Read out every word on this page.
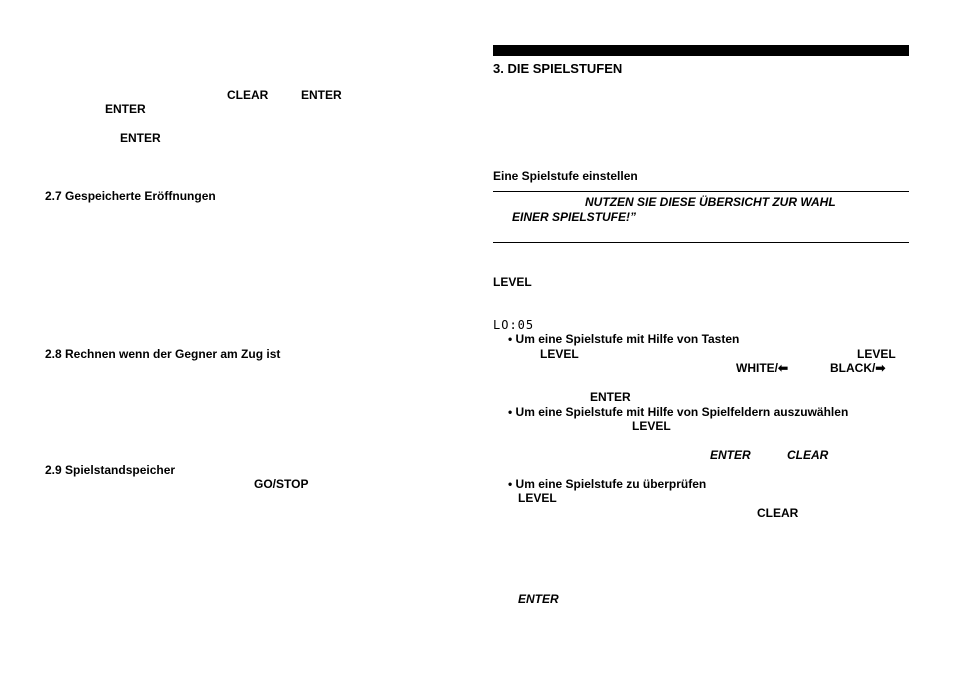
CLEAR	ENTER
ENTER
ENTER
2.7 Gespeicherte Eröffnungen
2.8 Rechnen wenn der Gegner am Zug ist
2.9 Spielstandspeicher
GO/STOP
3. DIE SPIELSTUFEN
Eine Spielstufe einstellen
NUTZEN SIE DIESE ÜBERSICHT ZUR WAHL
EINER SPIELSTUFE!”
LEVEL
LO:05
• Um eine Spielstufe mit Hilfe von Tasten
LEVEL	LEVEL
WHITE/⬅	BLACK/➡
ENTER
• Um eine Spielstufe mit Hilfe von Spielfeldern auszuwählen
LEVEL
ENTER	CLEAR
• Um eine Spielstufe zu überprüfen
LEVEL
CLEAR
ENTER
